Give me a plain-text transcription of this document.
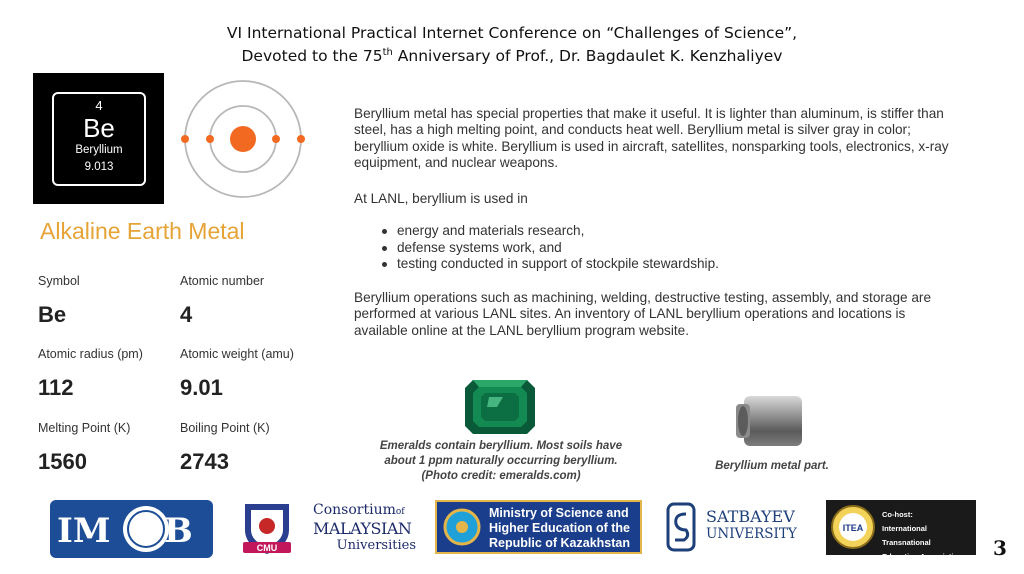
VI International Practical Internet Conference on “Challenges of Science”,
Devoted to the 75th Anniversary of Prof., Dr. Bagdaulet K. Kenzhaliyev
4
Be
Beryllium
9.013
Alkaline Earth Metal
Symbol	Atomic number
Be	4
Atomic radius (pm)	Atomic weight (amu)
112	9.01
Melting Point (K)	Boiling Point (K)
1560	2743

Beryllium metal has special properties that make it useful. It is lighter than aluminum, is stiffer than steel, has a high melting point, and conducts heat well. Beryllium metal is silver gray in color; beryllium oxide is white. Beryllium is used in aircraft, satellites, nonsparking tools, electronics, x-ray equipment, and nuclear weapons.

At LANL, beryllium is used in

energy and materials research,
defense systems work, and
testing conducted in support of stockpile stewardship.

Beryllium operations such as machining, welding, destructive testing, assembly, and storage are performed at various LANL sites. An inventory of LANL beryllium operations and locations is available online at the LANL beryllium program website.

Emeralds contain beryllium. Most soils have
about 1 ppm naturally occurring beryllium.
(Photo credit: emeralds.com)
Beryllium metal part.
IM B	CMU
Consortiumof
MALAYSIAN
Universities
Ministry of Science and
Higher Education of the
Republic of Kazakhstan
SATBAYEV
UNIVERSITY	ITEA
Co-host:
International Transnational
Education Association	3
